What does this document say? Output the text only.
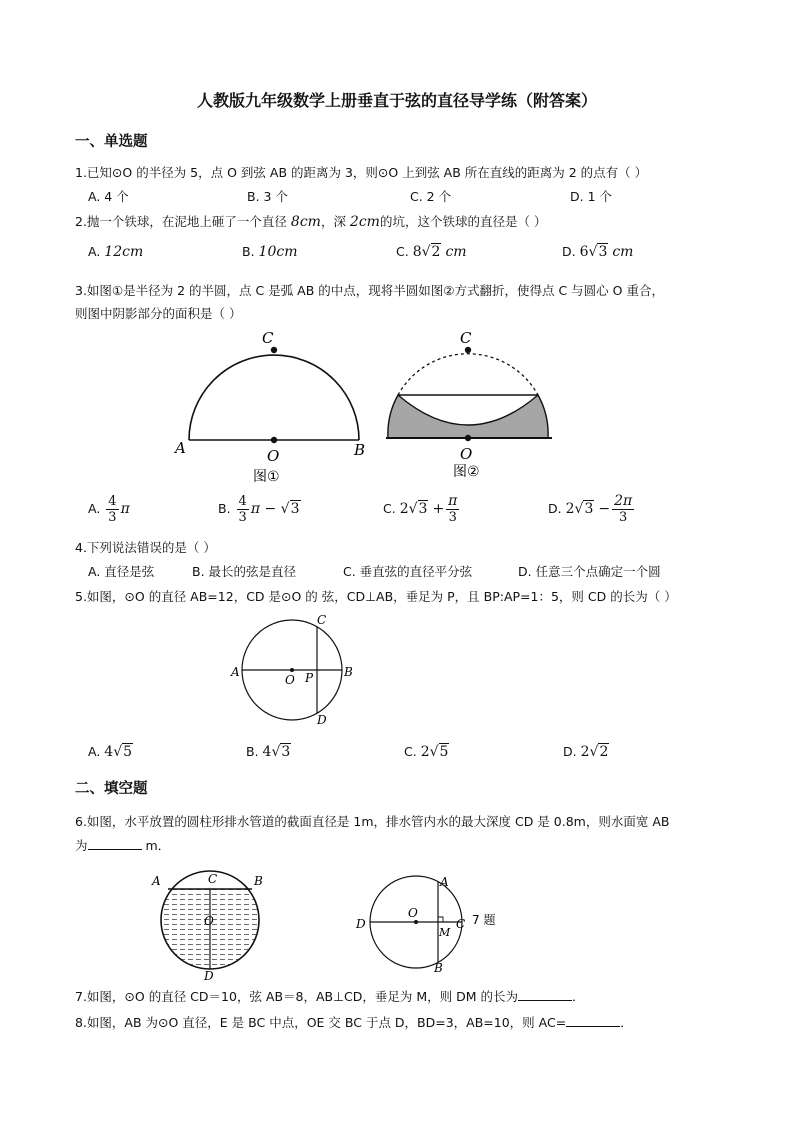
人教版九年级数学上册垂直于弦的直径导学练（附答案）
一、单选题
1.已知⊙O 的半径为 5，点 O 到弦 AB 的距离为 3，则⊙O 上到弦 AB 所在直线的距离为 2 的点有（ ）
A. 4 个	B. 3 个	C. 2 个	D. 1 个
2.抛一个铁球，在泥地上砸了一个直径 8cm，深 2cm的坑，这个铁球的直径是（ ）
A. 12cm	B. 10cm	C. 8√2 cm	D. 6√3 cm
3.如图①是半径为 2 的半圆，点 C 是弧 AB 的中点，现将半圆如图②方式翻折，使得点 C 与圆心 O 重合，
则图中阴影部分的面积是（ ）
C
A	B
O
图①
C
O
图②
A. $\frac{4}{3}$ π	B. $\frac{4}{3}$ π − √3	C. $2√3 + \frac{\pi}{3}$	D. $2√3 - \frac{2\pi}{3}$
4.下列说法错误的是（ ）
A. 直径是弦	B. 最长的弦是直径	C. 垂直弦的直径平分弦	D. 任意三个点确定一个圆
5.如图，⊙O 的直径 AB=12，CD 是⊙O 的 弦，CD⊥AB，垂足为 P，且 BP:AP=1：5，则 CD 的长为（ ）
A	B
C
D
O P
A. 4√5	B. 4√3	C. 2√5	D. 2√2
二、填空题
6.如图，水平放置的圆柱形排水管道的截面直径是 1m，排水管内水的最大深度 CD 是 0.8m，则水面宽 AB
为	m．
A	B
C
O
D
D	C
A
B
O
M
7 题
7.如图，⊙O 的直径 CD＝10，弦 AB＝8，AB⊥CD，垂足为 M，则 DM 的长为	．
8.如图，AB 为⊙O 直径，E 是 BC 中点，OE 交 BC 于点 D，BD=3，AB=10，则 AC=	．
